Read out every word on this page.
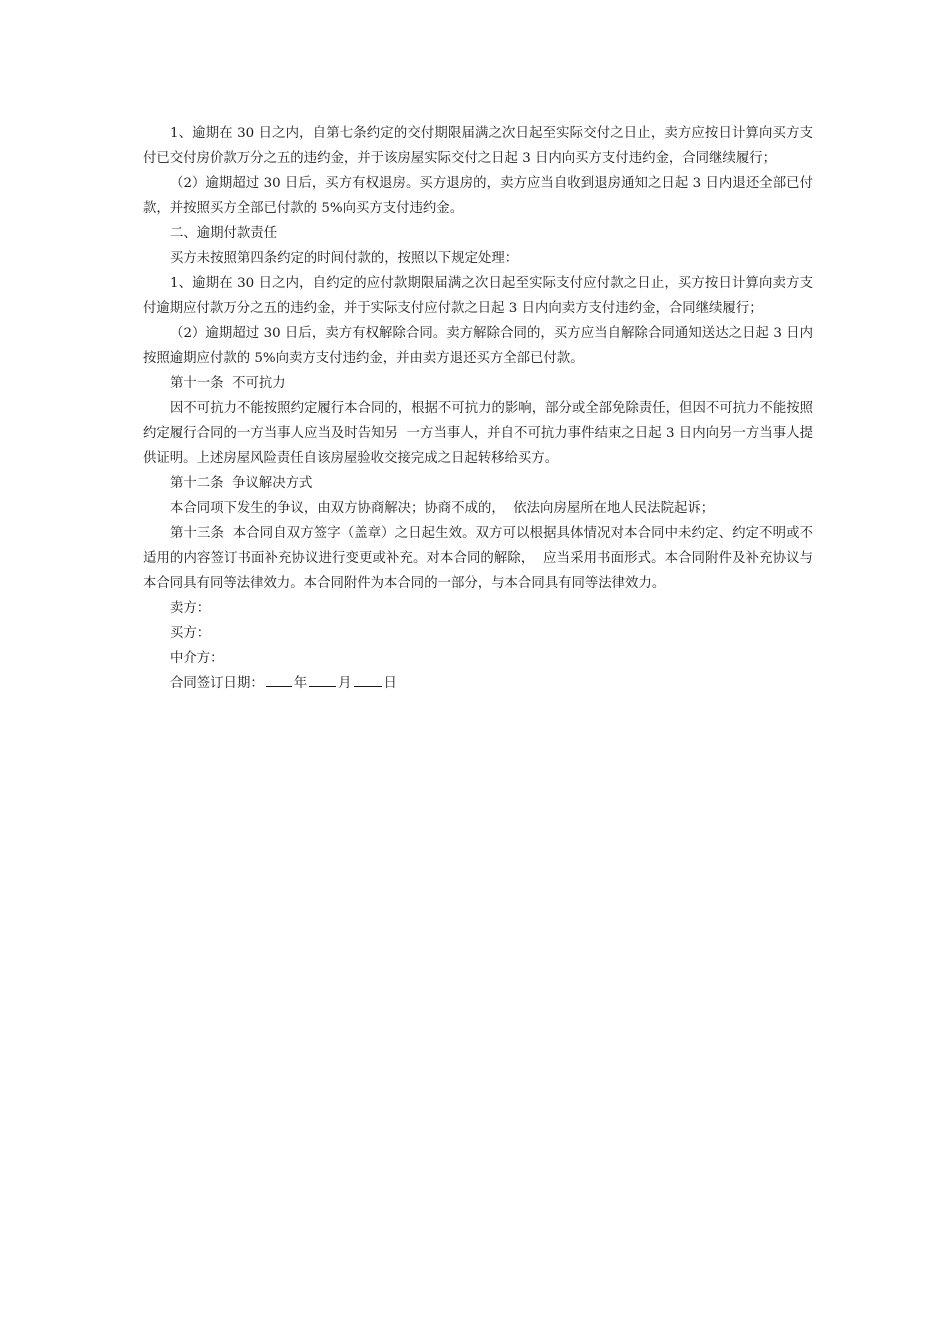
1、逾期在 30 日之内，自第七条约定的交付期限届满之次日起至实际交付之日止，卖方应按日计算向买方支付已交付房价款万分之五的违约金，并于该房屋实际交付之日起 3 日内向买方支付违约金，合同继续履行；

（2）逾期超过 30 日后，买方有权退房。买方退房的，卖方应当自收到退房通知之日起 3 日内退还全部已付款，并按照买方全部已付款的 5%向买方支付违约金。

二、逾期付款责任

买方未按照第四条约定的时间付款的，按照以下规定处理：

1、逾期在 30 日之内，自约定的应付款期限届满之次日起至实际支付应付款之日止，买方按日计算向卖方支付逾期应付款万分之五的违约金，并于实际支付应付款之日起 3 日内向卖方支付违约金，合同继续履行；

（2）逾期超过 30 日后，卖方有权解除合同。卖方解除合同的，买方应当自解除合同通知送达之日起 3 日内按照逾期应付款的 5%向卖方支付违约金，并由卖方退还买方全部已付款。

第十一条  不可抗力

因不可抗力不能按照约定履行本合同的，根据不可抗力的影响，部分或全部免除责任，但因不可抗力不能按照约定履行合同的一方当事人应当及时告知另  一方当事人，并自不可抗力事件结束之日起 3 日内向另一方当事人提供证明。上述房屋风险责任自该房屋验收交接完成之日起转移给买方。

第十二条  争议解决方式

本合同项下发生的争议，由双方协商解决；协商不成的，  依法向房屋所在地人民法院起诉；

第十三条  本合同自双方签字（盖章）之日起生效。双方可以根据具体情况对本合同中未约定、约定不明或不适用的内容签订书面补充协议进行变更或补充。对本合同的解除，  应当采用书面形式。本合同附件及补充协议与本合同具有同等法律效力。本合同附件为本合同的一部分，与本合同具有同等法律效力。

卖方：

买方：

中介方：

合同签订日期： 年 月 日
